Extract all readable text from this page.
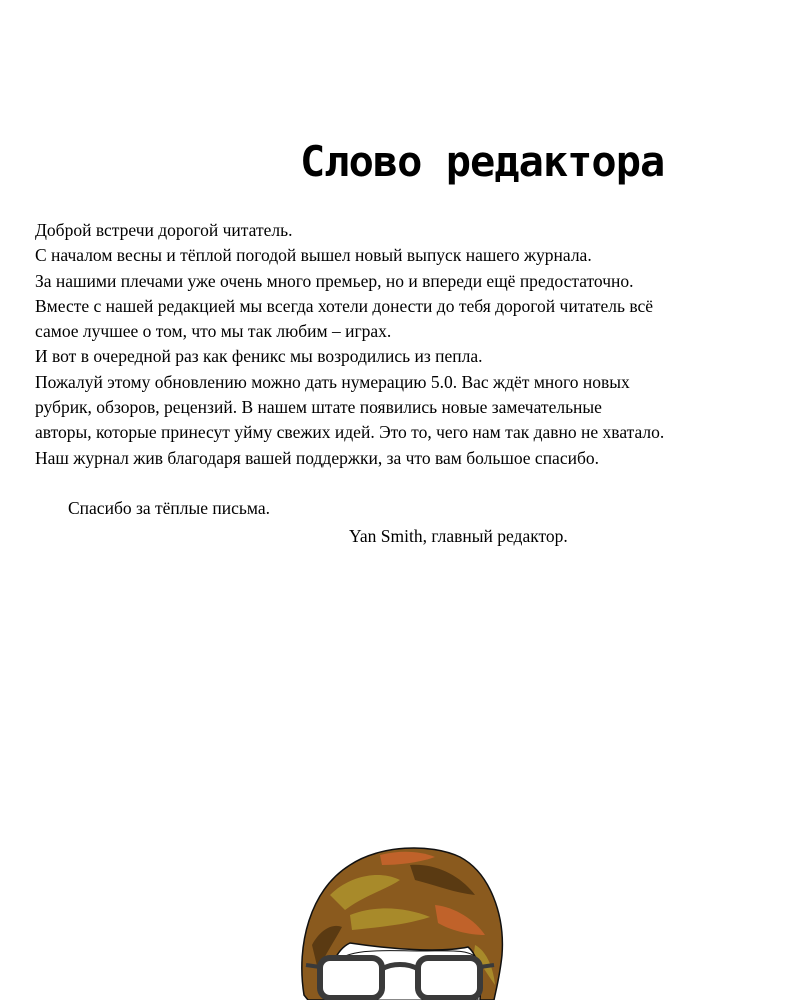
Слово редактора
Доброй встречи дорогой читатель.
С началом весны и тёплой погодой вышел новый выпуск нашего журнала.
За нашими плечами уже очень много премьер, но и впереди ещё предостаточно.
Вместе с нашей редакцией мы всегда хотели донести до тебя дорогой читатель всё
самое лучшее о том, что мы так любим – играх.
И вот в очередной раз как феникс мы возродились из пепла.
Пожалуй этому обновлению можно дать нумерацию 5.0. Вас ждёт много новых
рубрик, обзоров, рецензий. В нашем штате появились новые замечательные
авторы, которые принесут уйму свежих идей. Это то, чего нам так давно не хватало.
Наш журнал жив благодаря вашей поддержки, за что вам большое спасибо.
Спасибо за тёплые письма.
Yan Smith, главный редактор.
